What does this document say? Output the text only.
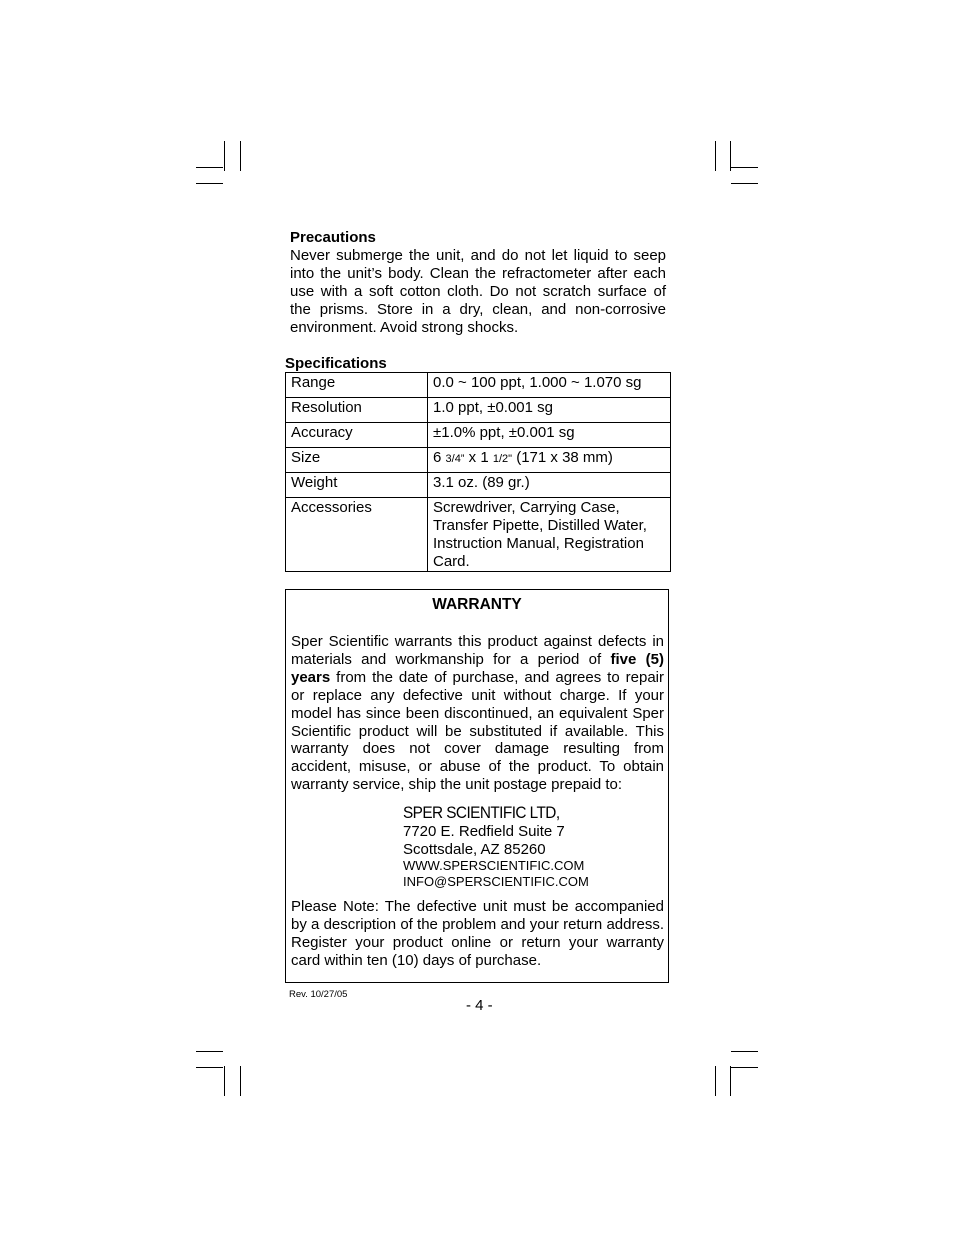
Precautions

Never submerge the unit, and do not let liquid to seep into the unit’s body. Clean the refractometer after each use with a soft cotton cloth. Do not scratch surface of the prisms. Store in a dry, clean, and non-corrosive environment. Avoid strong shocks.

Specifications

Range	0.0 ~ 100 ppt, 1.000 ~ 1.070 sg
Resolution	1.0 ppt, ±0.001 sg
Accuracy	±1.0% ppt, ±0.001 sg
Size	6 3/4” x 1 1/2" (171 x 38 mm)
Weight	3.1 oz. (89 gr.)
Accessories	Screwdriver, Carrying Case, Transfer Pipette, Distilled Water, Instruction Manual, Registration Card.
WARRANTY

Sper Scientific warrants this product against defects in materials and workmanship for a period of five (5) years from the date of purchase, and agrees to repair or replace any defective unit without charge. If your model has since been discontinued, an equivalent Sper Scientific product will be substituted if available. This warranty does not cover damage resulting from accident, misuse, or abuse of the product. To obtain warranty service, ship the unit postage prepaid to:

SPER SCIENTIFIC LTD,

7720 E. Redfield Suite 7

Scottsdale, AZ 85260

WWW.SPERSCIENTIFIC.COM
INFO@SPERSCIENTIFIC.COM

Please Note: The defective unit must be accompanied by a description of the problem and your return address. Register your product online or return your warranty card within ten (10) days of purchase.

Rev. 10/27/05
- 4 -
